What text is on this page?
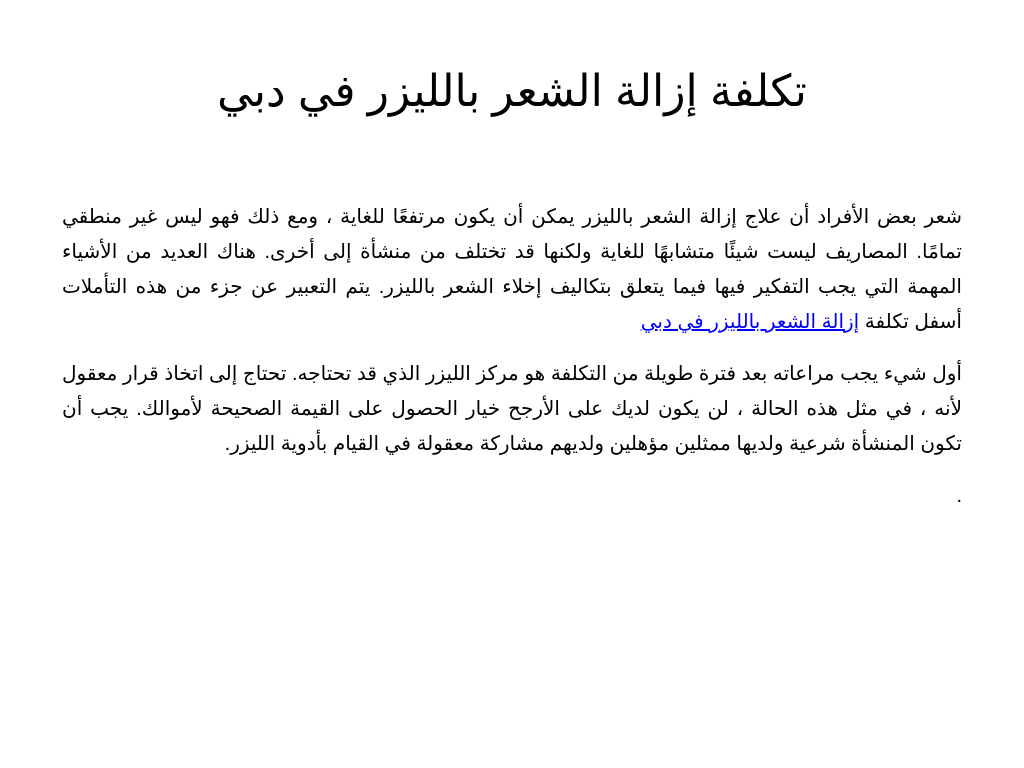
تكلفة إزالة الشعر بالليزر في دبي

شعر بعض الأفراد أن علاج إزالة الشعر بالليزر يمكن أن يكون مرتفعًا للغاية ، ومع ذلك فهو ليس غير منطقي تمامًا. المصاريف ليست شيئًا متشابهًا للغاية ولكنها قد تختلف من منشأة إلى أخرى. هناك العديد من الأشياء المهمة التي يجب التفكير فيها فيما يتعلق بتكاليف إخلاء الشعر بالليزر. يتم التعبير عن جزء من هذه التأملات أسفل تكلفة إزالة الشعر بالليزر في دبي

أول شيء يجب مراعاته بعد فترة طويلة من التكلفة هو مركز الليزر الذي قد تحتاجه. تحتاج إلى اتخاذ قرار معقول لأنه ، في مثل هذه الحالة ، لن يكون لديك على الأرجح خيار الحصول على القيمة الصحيحة لأموالك. يجب أن تكون المنشأة شرعية ولديها ممثلين مؤهلين ولديهم مشاركة معقولة في القيام بأدوية الليزر.

.
